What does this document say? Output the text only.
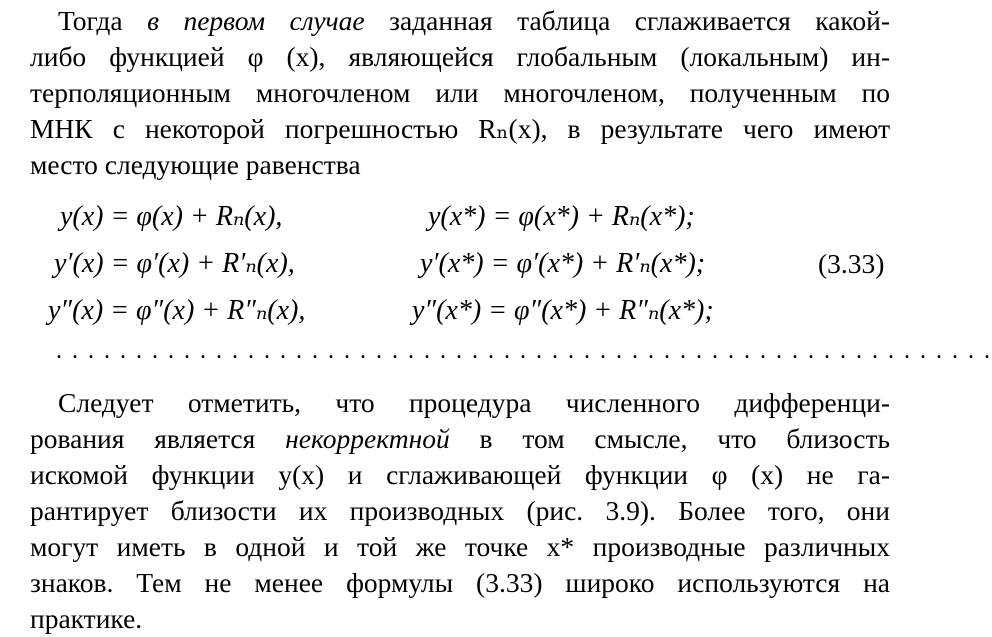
Тогда в первом случае заданная таблица сглаживается какой-
либо функцией φ (x), являющейся глобальным (локальным) ин-
терполяционным многочленом или многочленом, полученным по
МНК с некоторой погрешностью Rₙ(x), в результате чего имеют
место следующие равенства
y(x) = φ(x) + Rₙ(x),	y(x*) = φ(x*) + Rₙ(x*);
y′(x) = φ′(x) + R′ₙ(x),	y′(x*) = φ′(x*) + R′ₙ(x*);	(3.33)
y″(x) = φ″(x) + R″ₙ(x),	y″(x*) = φ″(x*) + R″ₙ(x*);
. . . . . . . . . . . . . . . . . . . . . . . . . . . . . . . . . . . . . . . . . . . . . . . . . . . . . . . . . . .
Следует отметить, что процедура численного дифференци-
рования является некорректной в том смысле, что близость
искомой функции y(x) и сглаживающей функции φ (x) не га-
рантирует близости их производных (рис. 3.9). Более того, они
могут иметь в одной и той же точке x* производные различных
знаков. Тем не менее формулы (3.33) широко используются на
практике.
